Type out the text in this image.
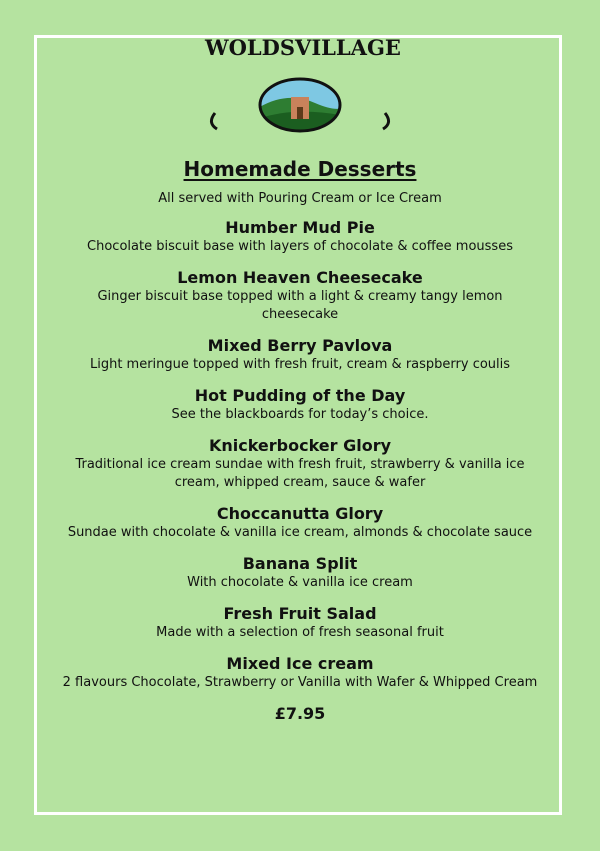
WOLDSVILLAGE
Homemade Desserts
All served with Pouring Cream or Ice Cream
Humber Mud Pie
Chocolate biscuit base with layers of chocolate & coffee mousses
Lemon Heaven Cheesecake
Ginger biscuit base topped with a light & creamy tangy lemon cheesecake
Mixed Berry Pavlova
Light meringue topped with fresh fruit, cream & raspberry coulis
Hot Pudding of the Day
See the blackboards for today’s choice.
Knickerbocker Glory
Traditional ice cream sundae with fresh fruit, strawberry & vanilla ice cream, whipped cream, sauce & wafer
Choccanutta Glory
Sundae with chocolate & vanilla ice cream, almonds & chocolate sauce
Banana Split
With chocolate & vanilla ice cream
Fresh Fruit Salad
Made with a selection of fresh seasonal fruit
Mixed Ice cream
2 flavours Chocolate, Strawberry or Vanilla with Wafer & Whipped Cream
£7.95
